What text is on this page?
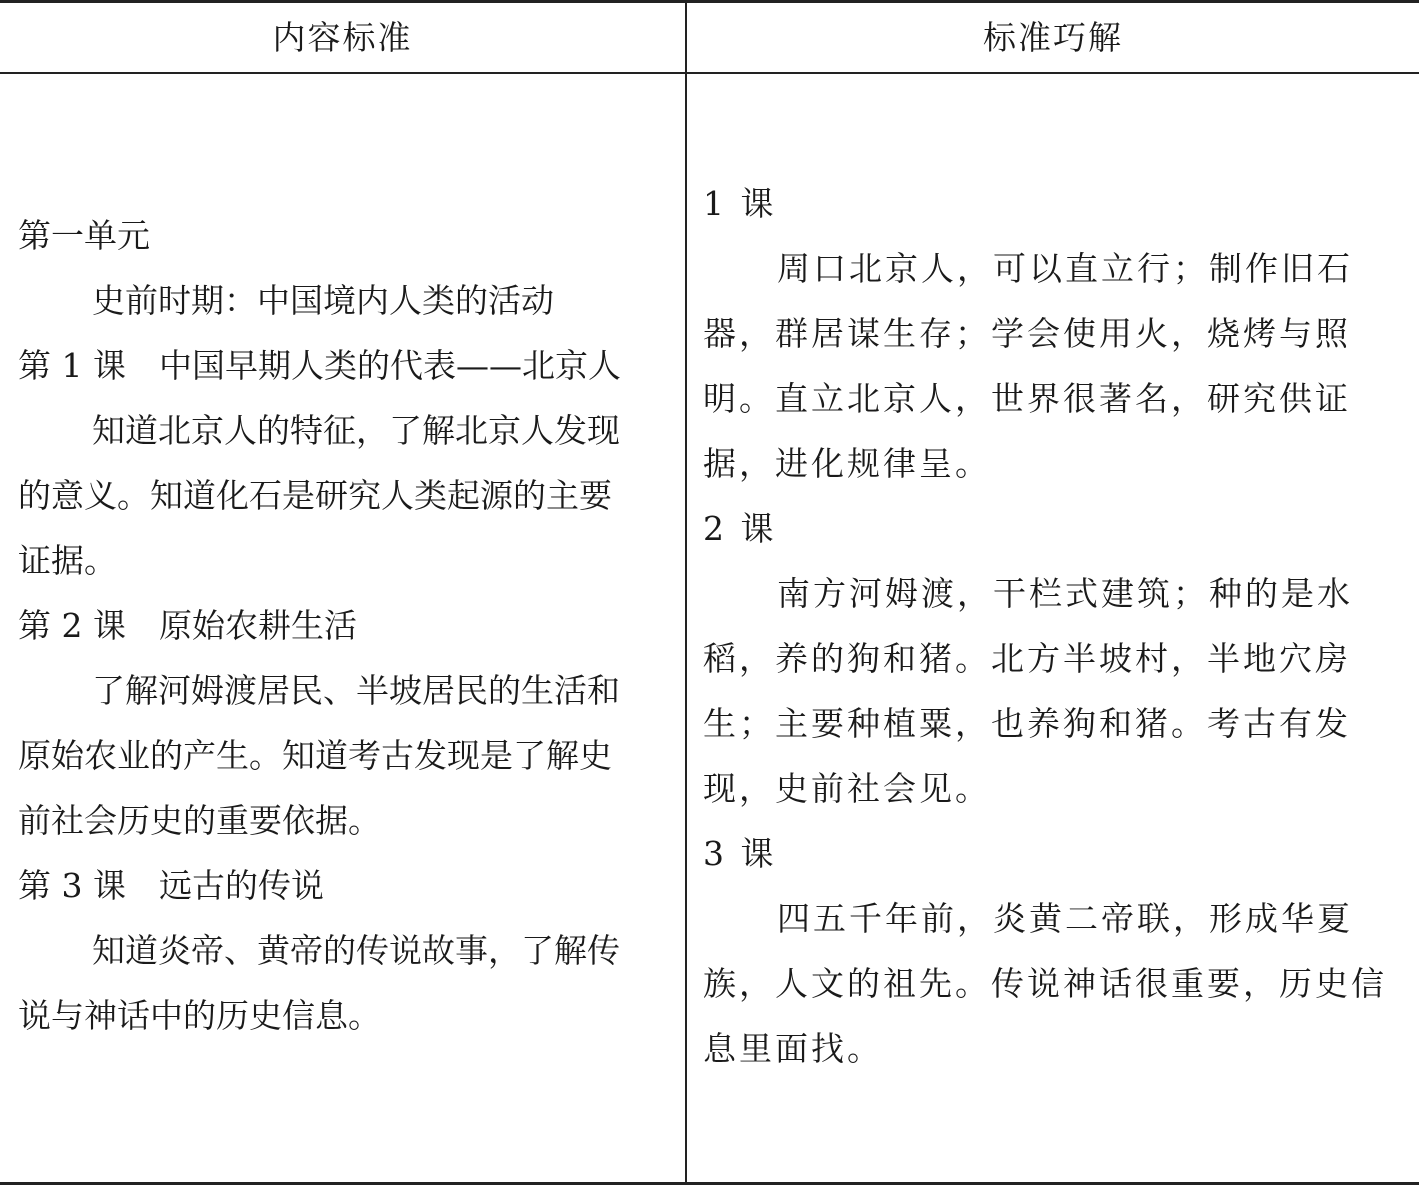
内容标准	标准巧解
第一单元
史前时期：中国境内人类的活动
第 1 课　中国早期人类的代表——北京人
知道北京人的特征，了解北京人发现
的意义。知道化石是研究人类起源的主要
证据。
第 2 课　原始农耕生活
了解河姆渡居民、半坡居民的生活和
原始农业的产生。知道考古发现是了解史
前社会历史的重要依据。
第 3 课　远古的传说
知道炎帝、黄帝的传说故事，了解传
说与神话中的历史信息。
1 课
周口北京人，可以直立行；制作旧石
器，群居谋生存；学会使用火，烧烤与照
明。直立北京人，世界很著名，研究供证
据，进化规律呈。
2 课
南方河姆渡，干栏式建筑；种的是水
稻，养的狗和猪。北方半坡村，半地穴房
生；主要种植粟，也养狗和猪。考古有发
现，史前社会见。
3 课
四五千年前，炎黄二帝联，形成华夏
族，人文的祖先。传说神话很重要，历史信
息里面找。
